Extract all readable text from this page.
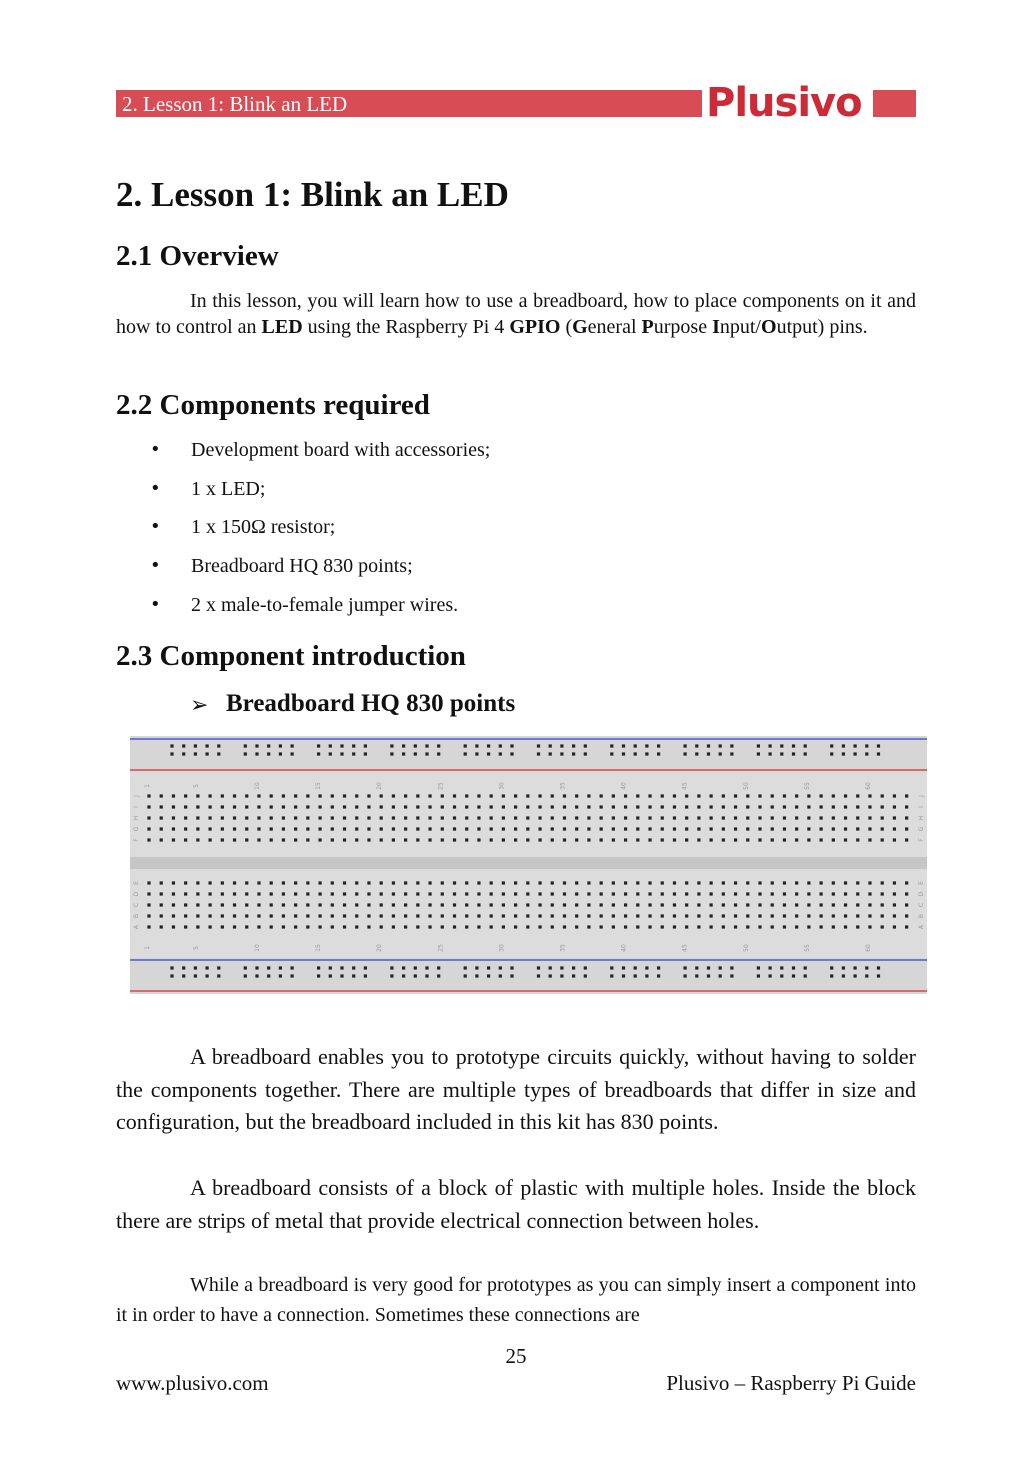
2. Lesson 1: Blink an LED	Plusivo
2. Lesson 1: Blink an LED
2.1 Overview
In this lesson, you will learn how to use a breadboard, how to place components on it and how to control an LED using the Raspberry Pi 4 GPIO (General Purpose Input/Output) pins.
2.2 Components required
• Development board with accessories;
• 1 x LED;
• 1 x 150Ω resistor;
• Breadboard HQ 830 points;
• 2 x male-to-female jumper wires.
2.3 Component introduction
➢ Breadboard HQ 830 points
1
1
5
5
10
10
15
15
20
20
25
25
30
30
35
35
40
40
45
45
50
50
55
55
60
60
J	J
I	I
H	H
G	G
F	F
E	E
D	D
C	C
B	B
A	A
A breadboard enables you to prototype circuits quickly, without having to solder the components together. There are multiple types of breadboards that differ in size and configuration, but the breadboard included in this kit has 830 points.
A breadboard consists of a block of plastic with multiple holes. Inside the block there are strips of metal that provide electrical connection between holes.
While a breadboard is very good for prototypes as you can simply insert a component into it in order to have a connection. Sometimes these connections are
25
www.plusivo.com	Plusivo – Raspberry Pi Guide
